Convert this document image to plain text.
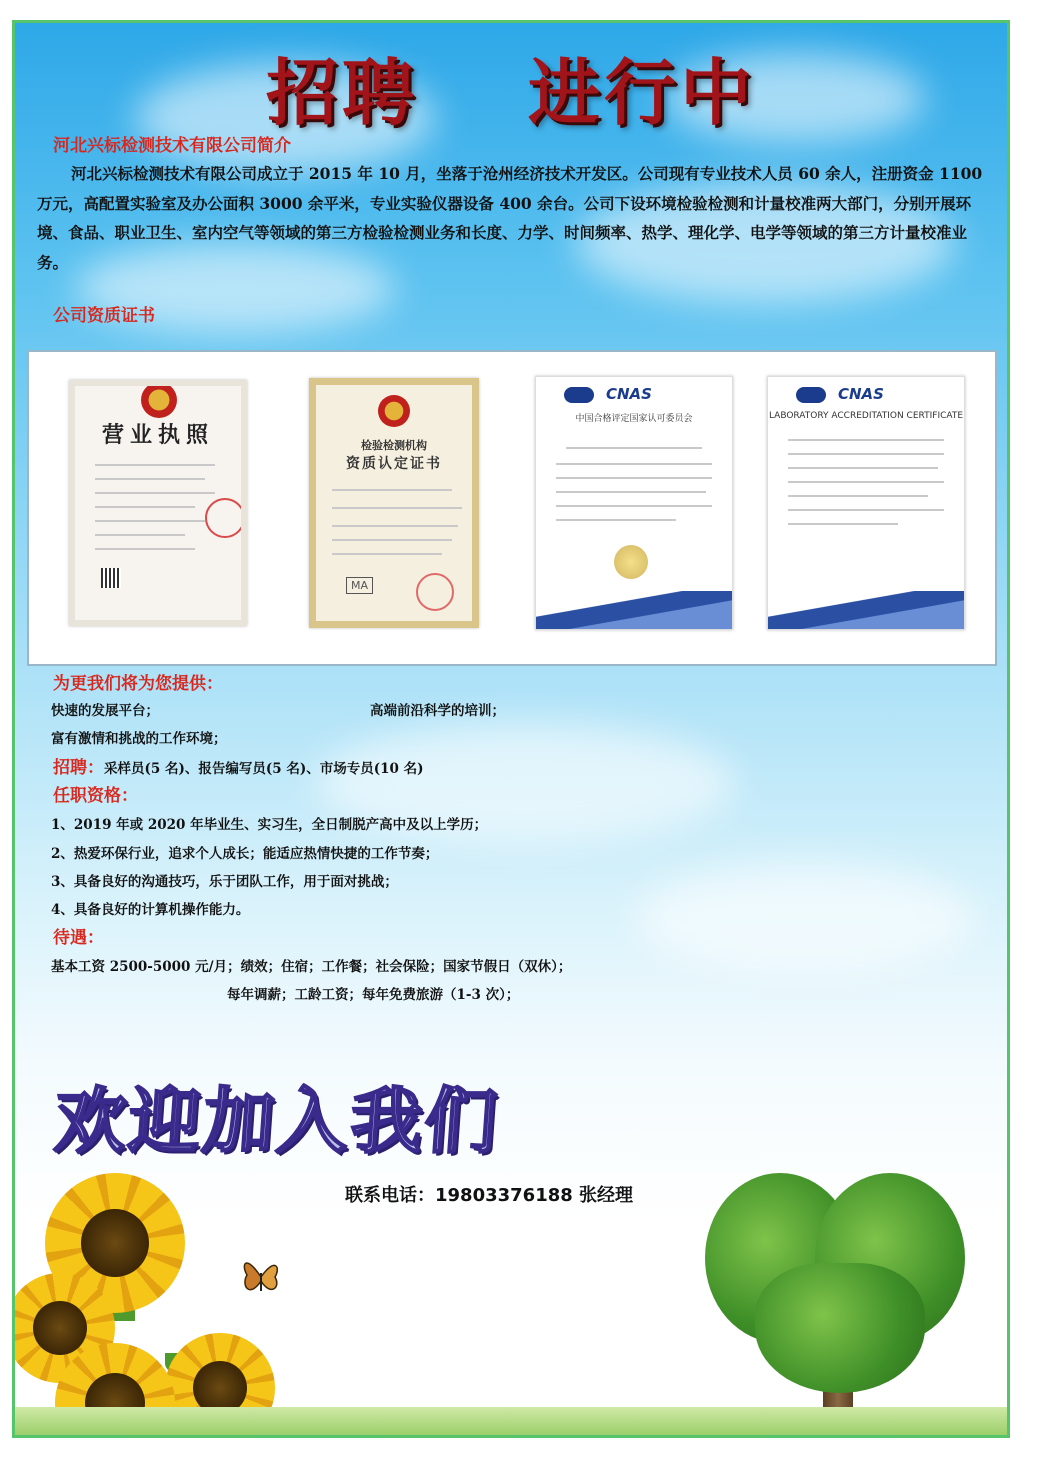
招聘 进行中
河北兴标检测技术有限公司简介
河北兴标检测技术有限公司成立于 2015 年 10 月，坐落于沧州经济技术开发区。公司现有专业技术人员 60 余人，注册资金 1100 万元，高配置实验室及办公面积 3000 余平米，专业实验仪器设备 400 余台。公司下设环境检验检测和计量校准两大部门，分别开展环境、食品、职业卫生、室内空气等领域的第三方检验检测业务和长度、力学、时间频率、热学、理化学、电学等领域的第三方计量校准业务。
公司资质证书
营业执照	检验检测机构
资质认定证书
MA
CNAS
中国合格评定国家认可委员会
CNAS
LABORATORY ACCREDITATION CERTIFICATE
为更我们将为您提供：
快速的发展平台；	高端前沿科学的培训；
富有激情和挑战的工作环境；
招聘：采样员(5 名)、报告编写员(5 名)、市场专员(10 名)
任职资格：
1、2019 年或 2020 年毕业生、实习生，全日制脱产高中及以上学历；
2、热爱环保行业，追求个人成长；能适应热情快捷的工作节奏；
3、具备良好的沟通技巧，乐于团队工作，用于面对挑战；
4、具备良好的计算机操作能力。
待遇：
基本工资 2500-5000 元/月；绩效；住宿；工作餐；社会保险；国家节假日（双休）；
每年调薪；工龄工资；每年免费旅游（1-3 次）；
欢迎加入我们
联系电话：19803376188 张经理
